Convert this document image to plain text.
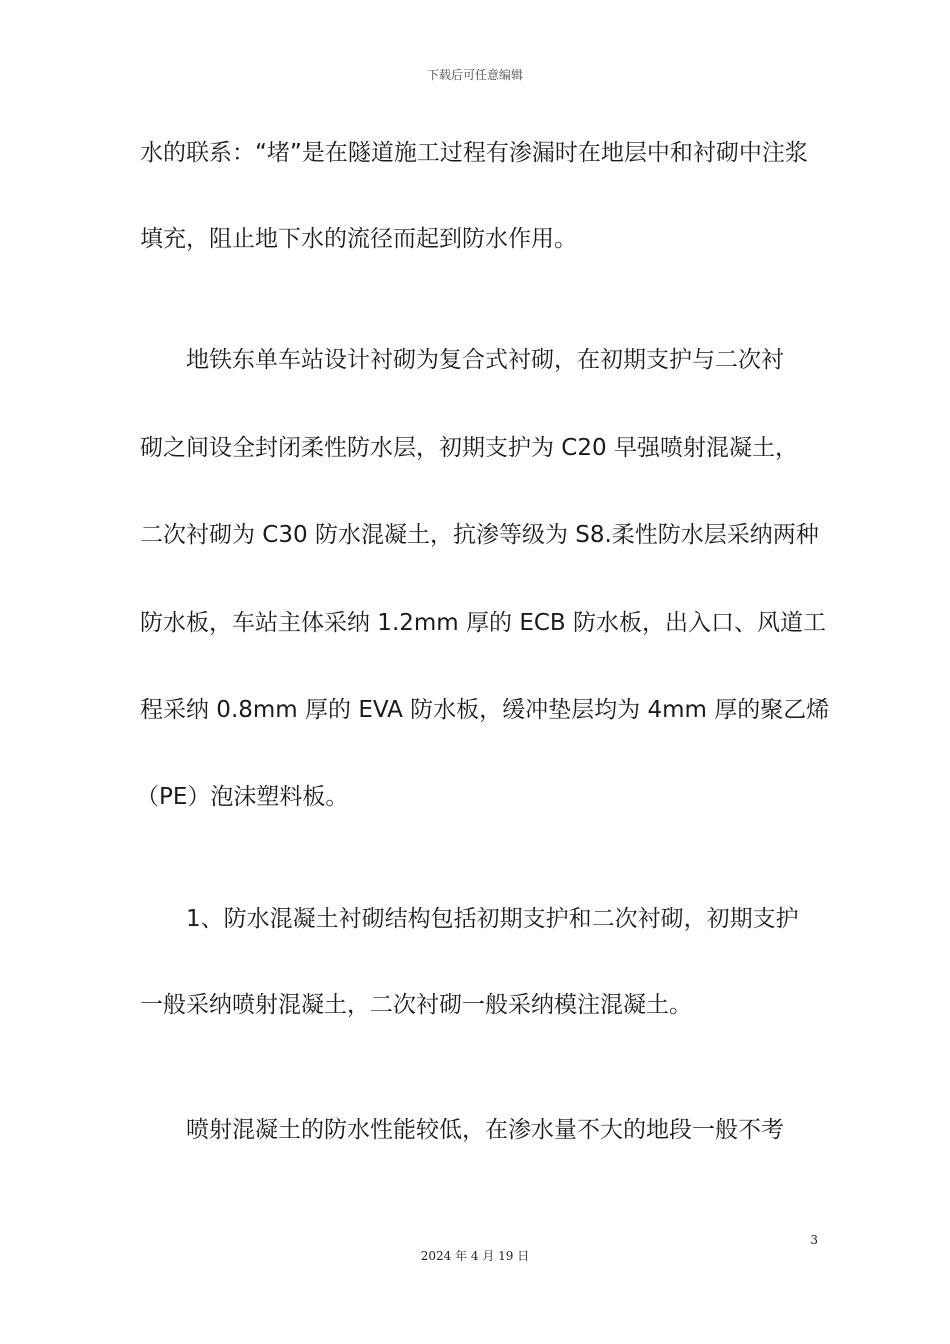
下载后可任意编辑
水的联系：“堵”是在隧道施工过程有渗漏时在地层中和衬砌中注浆
填充，阻止地下水的流径而起到防水作用。
地铁东单车站设计衬砌为复合式衬砌，在初期支护与二次衬
砌之间设全封闭柔性防水层，初期支护为 C20 早强喷射混凝土，
二次衬砌为 C30 防水混凝土，抗渗等级为 S8.柔性防水层采纳两种
防水板，车站主体采纳 1.2mm 厚的 ECB 防水板，出入口、风道工
程采纳 0.8mm 厚的 EVA 防水板，缓冲垫层均为 4mm 厚的聚乙烯
（PE）泡沫塑料板。
1、防水混凝土衬砌结构包括初期支护和二次衬砌，初期支护
一般采纳喷射混凝土，二次衬砌一般采纳模注混凝土。
喷射混凝土的防水性能较低，在渗水量不大的地段一般不考
3
2024 年 4 月 19 日
